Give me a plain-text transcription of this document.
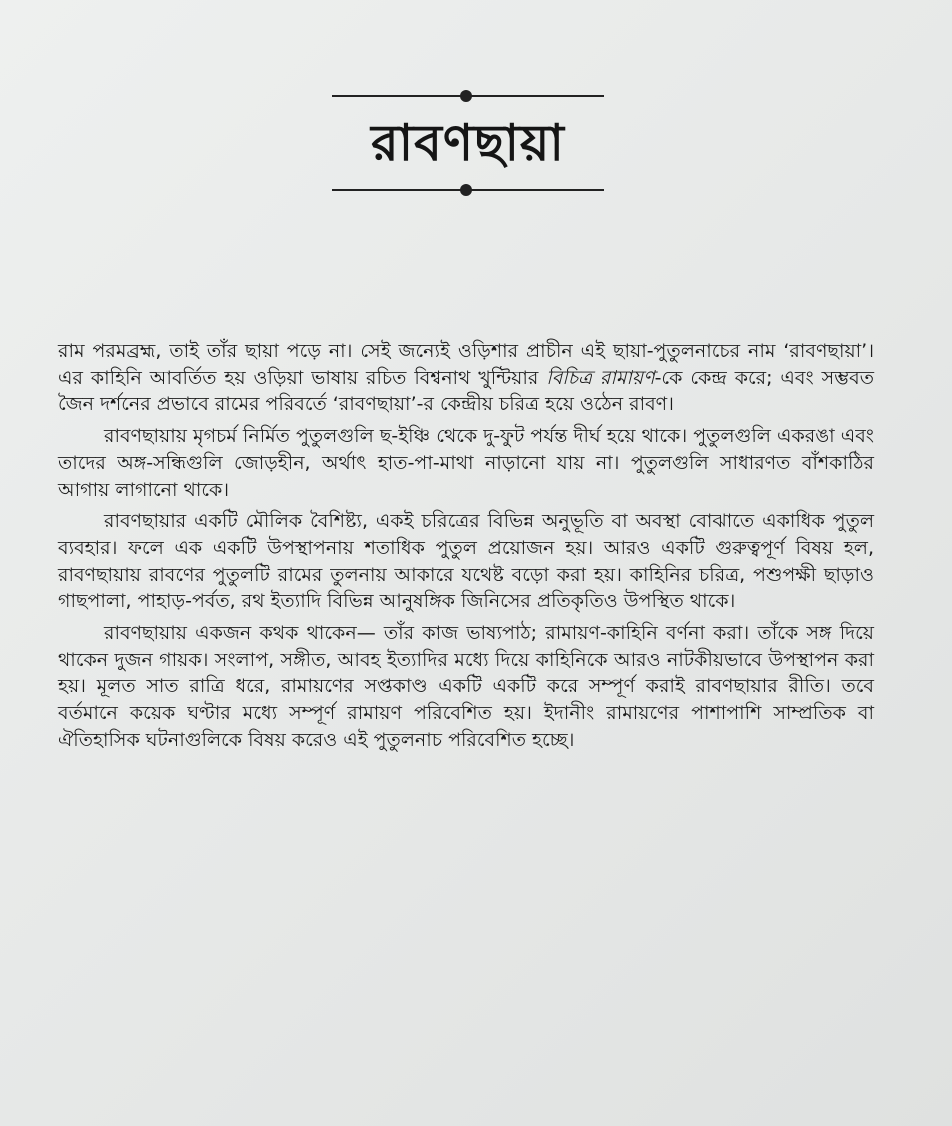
রাবণছায়া

রাম পরমব্রহ্ম, তাই তাঁর ছায়া পড়ে না। সেই জন্যেই ওড়িশার প্রাচীন এই ছায়া-পুতুলনাচের নাম ‘রাবণছায়া’। এর কাহিনি আবর্তিত হয় ওড়িয়া ভাষায় রচিত বিশ্বনাথ খুন্টিয়ার বিচিত্র রামায়ণ-কে কেন্দ্র করে; এবং সম্ভবত জৈন দর্শনের প্রভাবে রামের পরিবর্তে ‘রাবণছায়া’-র কেন্দ্রীয় চরিত্র হয়ে ওঠেন রাবণ।

রাবণছায়ায় মৃগচর্ম নির্মিত পুতুলগুলি ছ-ইঞ্চি থেকে দু-ফুট পর্যন্ত দীর্ঘ হয়ে থাকে। পুতুলগুলি একরঙা এবং তাদের অঙ্গ-সন্ধিগুলি জোড়হীন, অর্থাৎ হাত-পা-মাথা নাড়ানো যায় না। পুতুলগুলি সাধারণত বাঁশকাঠির আগায় লাগানো থাকে।

রাবণছায়ার একটি মৌলিক বৈশিষ্ট্য, একই চরিত্রের বিভিন্ন অনুভূতি বা অবস্থা বোঝাতে একাধিক পুতুল ব্যবহার। ফলে এক একটি উপস্থাপনায় শতাধিক পুতুল প্রয়োজন হয়। আরও একটি গুরুত্বপূর্ণ বিষয় হল, রাবণছায়ায় রাবণের পুতুলটি রামের তুলনায় আকারে যথেষ্ট বড়ো করা হয়। কাহিনির চরিত্র, পশুপক্ষী ছাড়াও গাছপালা, পাহাড়-পর্বত, রথ ইত্যাদি বিভিন্ন আনুষঙ্গিক জিনিসের প্রতিকৃতিও উপস্থিত থাকে।

রাবণছায়ায় একজন কথক থাকেন— তাঁর কাজ ভাষ্যপাঠ; রামায়ণ-কাহিনি বর্ণনা করা। তাঁকে সঙ্গ দিয়ে থাকেন দুজন গায়ক। সংলাপ, সঙ্গীত, আবহ ইত্যাদির মধ্যে দিয়ে কাহিনিকে আরও নাটকীয়ভাবে উপস্থাপন করা হয়। মূলত সাত রাত্রি ধরে, রামায়ণের সপ্তকাণ্ড একটি একটি করে সম্পূর্ণ করাই রাবণছায়ার রীতি। তবে বর্তমানে কয়েক ঘণ্টার মধ্যে সম্পূর্ণ রামায়ণ পরিবেশিত হয়। ইদানীং রামায়ণের পাশাপাশি সাম্প্রতিক বা ঐতিহাসিক ঘটনাগুলিকে বিষয় করেও এই পুতুলনাচ পরিবেশিত হচ্ছে।
